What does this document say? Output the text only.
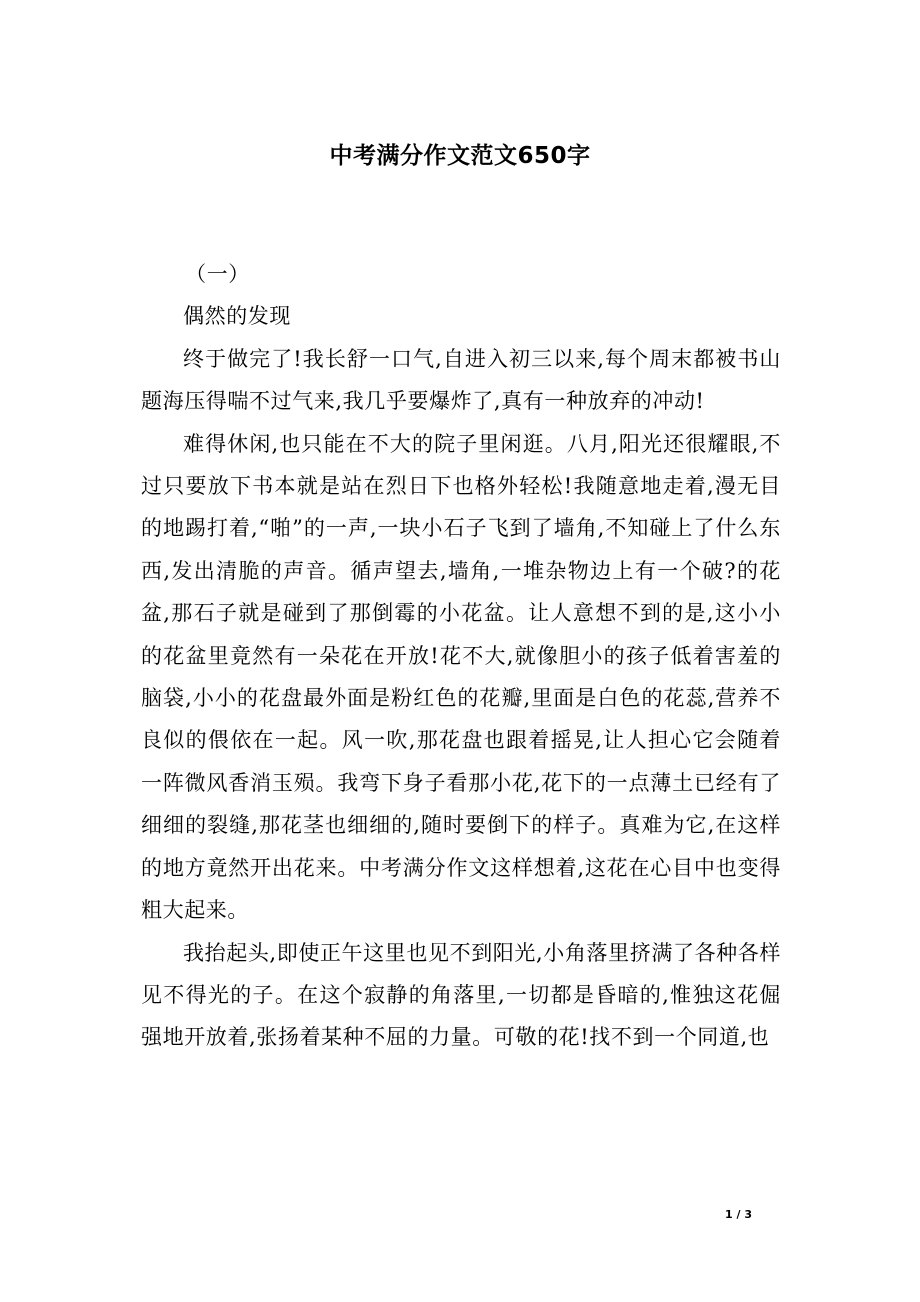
中考满分作文范文650字

（一）

偶然的发现

终于做完了!我长舒一口气,自进入初三以来,每个周末都被书山题海压得喘不过气来,我几乎要爆炸了,真有一种放弃的冲动!

难得休闲,也只能在不大的院子里闲逛。八月,阳光还很耀眼,不过只要放下书本就是站在烈日下也格外轻松!我随意地走着,漫无目的地踢打着,“啪”的一声,一块小石子飞到了墙角,不知碰上了什么东西,发出清脆的声音。循声望去,墙角,一堆杂物边上有一个破?的花盆,那石子就是碰到了那倒霉的小花盆。让人意想不到的是,这小小的花盆里竟然有一朵花在开放!花不大,就像胆小的孩子低着害羞的脑袋,小小的花盘最外面是粉红色的花瓣,里面是白色的花蕊,营养不良似的偎依在一起。风一吹,那花盘也跟着摇晃,让人担心它会随着一阵微风香消玉殒。我弯下身子看那小花,花下的一点薄土已经有了细细的裂缝,那花茎也细细的,随时要倒下的样子。真难为它,在这样的地方竟然开出花来。中考满分作文这样想着,这花在心目中也变得粗大起来。

我抬起头,即使正午这里也见不到阳光,小角落里挤满了各种各样见不得光的子。在这个寂静的角落里,一切都是昏暗的,惟独这花倔强地开放着,张扬着某种不屈的力量。可敬的花!找不到一个同道,也

1 / 3
